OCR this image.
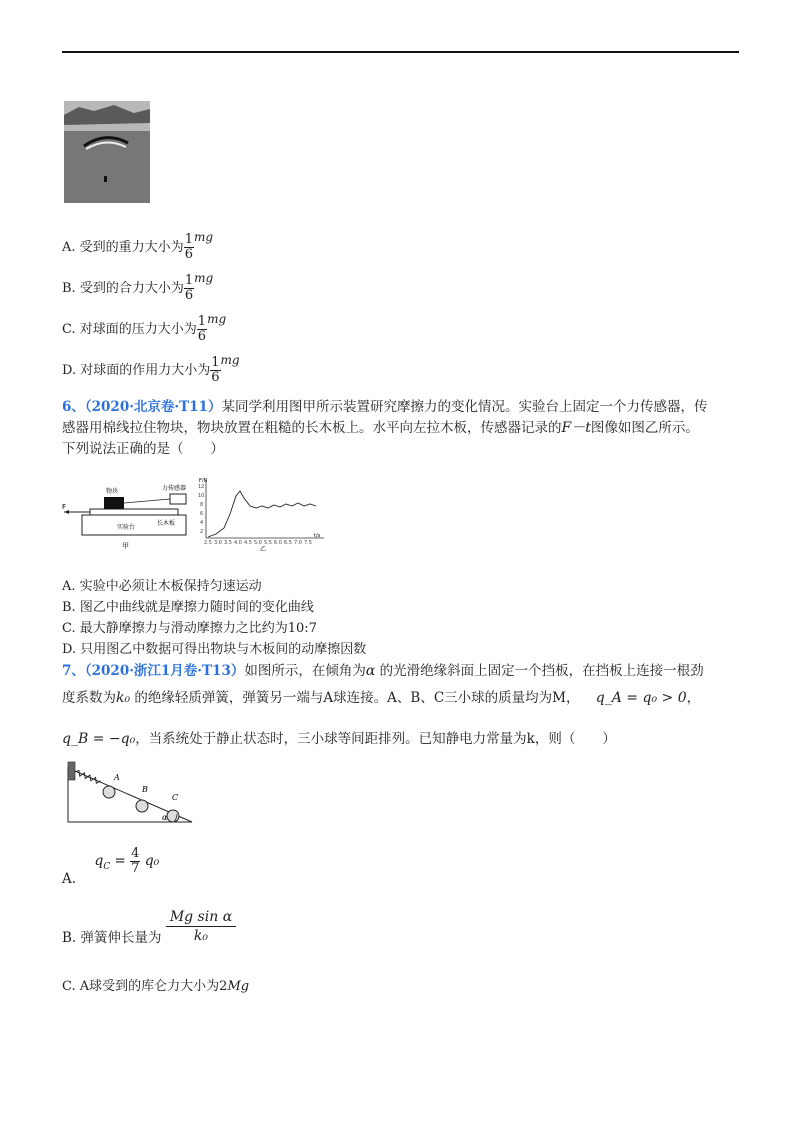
A. 受到的重力大小为 $\frac{1}{6}$ mg
B. 受到的合力大小为 $\frac{1}{6}$ mg
C. 对球面的压力大小为 $\frac{1}{6}$ mg
D. 对球面的作用力大小为 $\frac{1}{6}$ mg
6、（2020·北京卷·T11）某同学利用图甲所示装置研究摩擦力的变化情况。实验台上固定一个力传感器，传
感器用棉线拉住物块，物块放置在粗糙的长木板上。水平向左拉木板，传感器记录的F－t图像如图乙所示。
下列说法正确的是（　　）
F
物块	力传感器
长木板
实验台
甲
F/N
t/s
12
10
8
6
4
2
2.5 3.0 3.5 4.0 4.5 5.0 5.5 6.0 6.5 7.0 7.5
乙
A. 实验中必须让木板保持匀速运动
B. 图乙中曲线就是摩擦力随时间的变化曲线
C. 最大静摩擦力与滑动摩擦力之比约为10:7
D. 只用图乙中数据可得出物块与木板间的动摩擦因数
7、（2020·浙江1月卷·T13）如图所示，在倾角为α 的光滑绝缘斜面上固定一个挡板，在挡板上连接一根劲
度系数为k₀ 的绝缘轻质弹簧，弹簧另一端与A球连接。A、B、C三小球的质量均为M， q_A = q₀ > 0，
q_B = −q₀，当系统处于静止状态时，三小球等间距排列。已知静电力常量为k，则（　　）
A
B
C
α
A. $q_C = \frac{4}{7} q_0$
B. 弹簧伸长量为 $\frac{\text{Mg sin α}}{\text{k₀}}$
C. A球受到的库仑力大小为2Mg
